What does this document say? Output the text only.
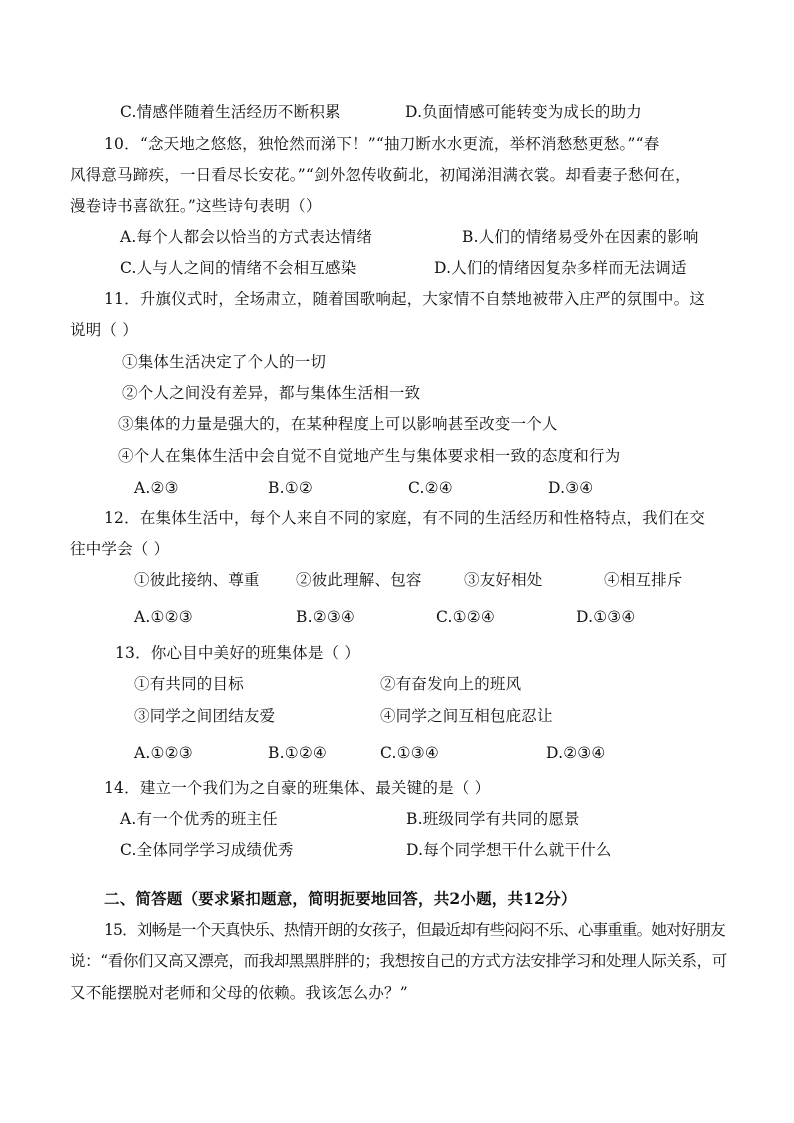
C.情感伴随着生活经历不断积累	D.负面情感可能转变为成长的助力
10．“念天地之悠悠，独怆然而涕下！”“抽刀断水水更流，举杯消愁愁更愁。”“春
风得意马蹄疾，一日看尽长安花。”“剑外忽传收蓟北，初闻涕泪满衣裳。却看妻子愁何在，
漫卷诗书喜欲狂。”这些诗句表明（）
A.每个人都会以恰当的方式表达情绪	B.人们的情绪易受外在因素的影响
C.人与人之间的情绪不会相互感染	D.人们的情绪因复杂多样而无法调适
11．升旗仪式时，全场肃立，随着国歌响起，大家情不自禁地被带入庄严的氛围中。这
说明（ ）
①集体生活决定了个人的一切
②个人之间没有差异，都与集体生活相一致
③集体的力量是强大的，在某种程度上可以影响甚至改变一个人
④个人在集体生活中会自觉不自觉地产生与集体要求相一致的态度和行为
A.②③	B.①②	C.②④	D.③④
12．在集体生活中，每个人来自不同的家庭，有不同的生活经历和性格特点，我们在交
往中学会（ ）
①彼此接纳、尊重 ②彼此理解、包容	③友好相处	④相互排斥
A.①②③	B.②③④	C.①②④	D.①③④
13．你心目中美好的班集体是（ ）
①有共同的目标	②有奋发向上的班风
③同学之间团结友爱	④同学之间互相包庇忍让
A.①②③	B.①②④	C.①③④	D.②③④
14．建立一个我们为之自豪的班集体、最关键的是（ ）
A.有一个优秀的班主任	B.班级同学有共同的愿景
C.全体同学学习成绩优秀	D.每个同学想干什么就干什么
二、简答题（要求紧扣题意，简明扼要地回答，共2小题，共12分）
15．刘畅是一个天真快乐、热情开朗的女孩子，但最近却有些闷闷不乐、心事重重。她对好朋友
说：“看你们又高又漂亮，而我却黑黑胖胖的；我想按自己的方式方法安排学习和处理人际关系，可
又不能摆脱对老师和父母的依赖。我该怎么办？”
